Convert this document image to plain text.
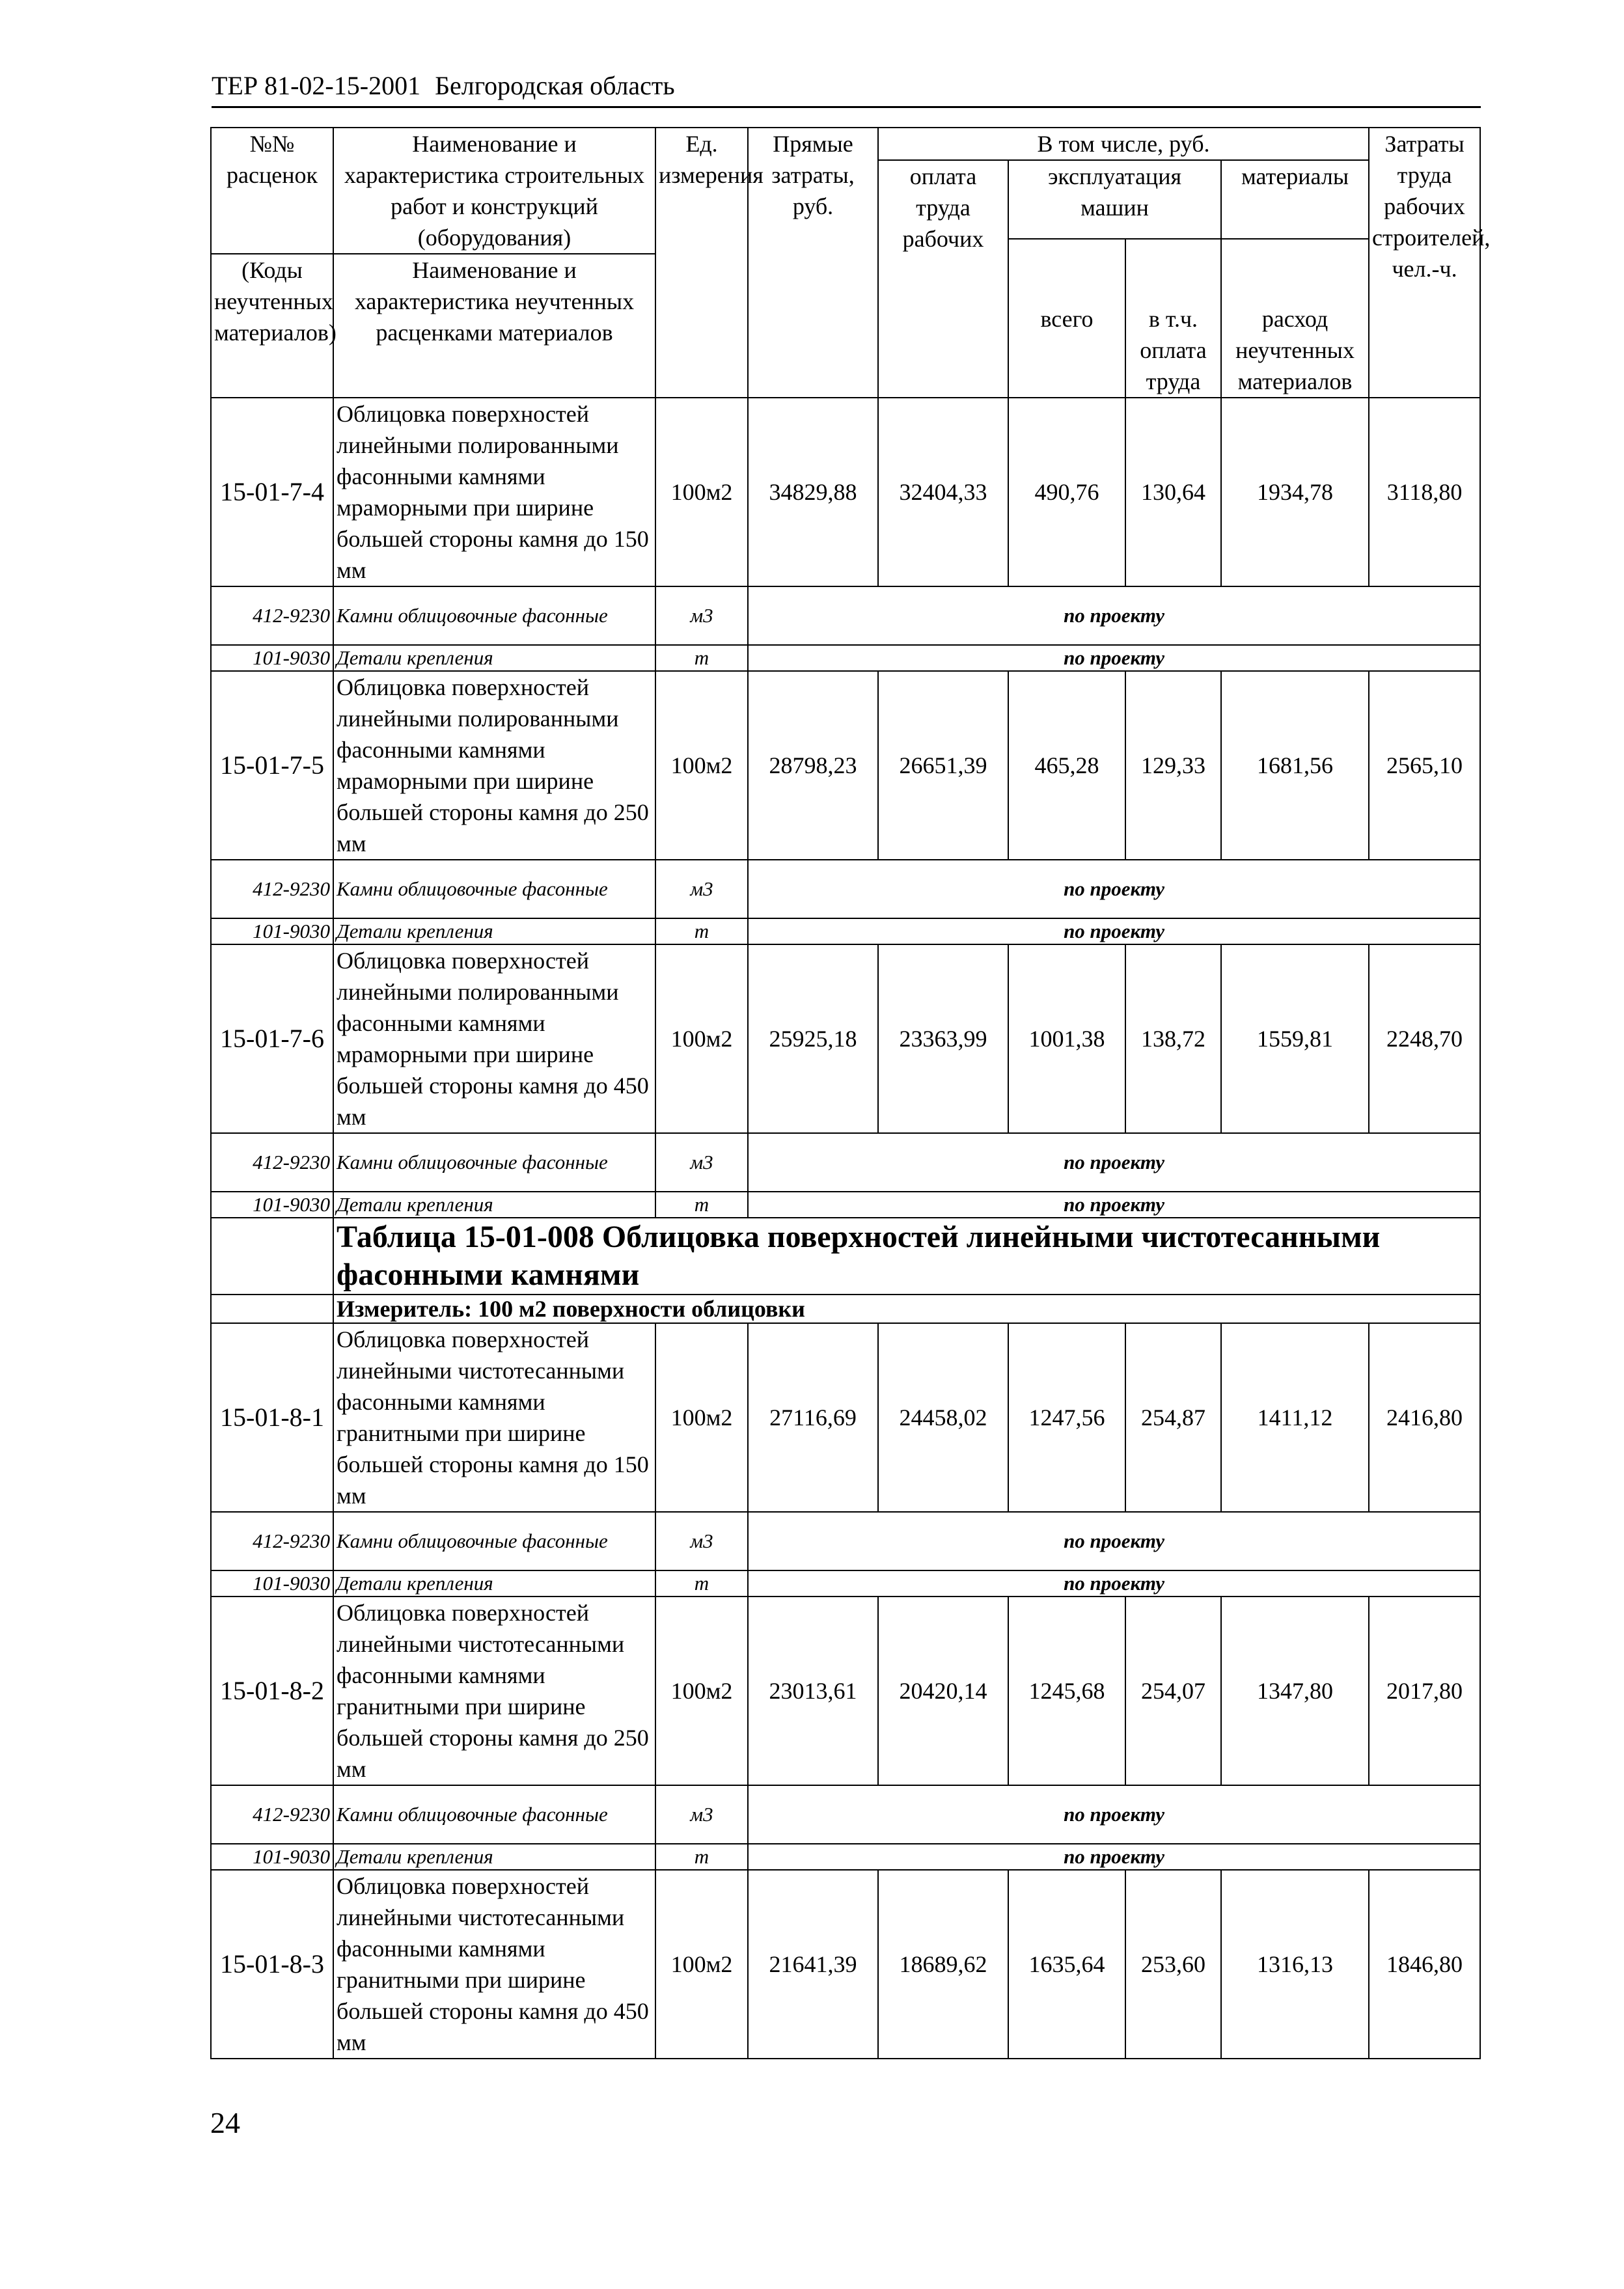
ТЕР 81-02-15-2001 Белгородская область
№№ расценок	Наименование и характеристика строительных работ и конструкций (оборудования)	Ед. измерения	Прямые затраты, руб.	В том числе, руб.				Затраты труда рабочих строителей, чел.-ч.
				оплата труда рабочих	эксплуатация машин		материалы	
					всего	в т.ч. оплата труда	расход неучтенных материалов	
(Коды неучтенных материалов)	Наименование и характеристика неучтенных расценками материалов							

15-01-7-4	Облицовка поверхностей линейными полированными фасонными камнями мраморными при ширине большей стороны камня до 150 мм	100м2	34829,88	32404,33	490,76	130,64	1934,78	3118,80
412-9230	Камни облицовочные фасонные	м3	по проекту					
101-9030	Детали крепления	т	по проекту					
15-01-7-5	Облицовка поверхностей линейными полированными фасонными камнями мраморными при ширине большей стороны камня до 250 мм	100м2	28798,23	26651,39	465,28	129,33	1681,56	2565,10
412-9230	Камни облицовочные фасонные	м3	по проекту					
101-9030	Детали крепления	т	по проекту					
15-01-7-6	Облицовка поверхностей линейными полированными фасонными камнями мраморными при ширине большей стороны камня до 450 мм	100м2	25925,18	23363,99	1001,38	138,72	1559,81	2248,70
412-9230	Камни облицовочные фасонные	м3	по проекту					
101-9030	Детали крепления	т	по проекту					
	Таблица 15-01-008 Облицовка поверхностей линейными чистотесанными фасонными камнями							
	Измеритель: 100 м2 поверхности облицовки							
15-01-8-1	Облицовка поверхностей линейными чистотесанными фасонными камнями гранитными при ширине большей стороны камня до 150 мм	100м2	27116,69	24458,02	1247,56	254,87	1411,12	2416,80
412-9230	Камни облицовочные фасонные	м3	по проекту					
101-9030	Детали крепления	т	по проекту					
15-01-8-2	Облицовка поверхностей линейными чистотесанными фасонными камнями гранитными при ширине большей стороны камня до 250 мм	100м2	23013,61	20420,14	1245,68	254,07	1347,80	2017,80
412-9230	Камни облицовочные фасонные	м3	по проекту					
101-9030	Детали крепления	т	по проекту					
15-01-8-3	Облицовка поверхностей линейными чистотесанными фасонными камнями гранитными при ширине большей стороны камня до 450 мм	100м2	21641,39	18689,62	1635,64	253,60	1316,13	1846,80
24
